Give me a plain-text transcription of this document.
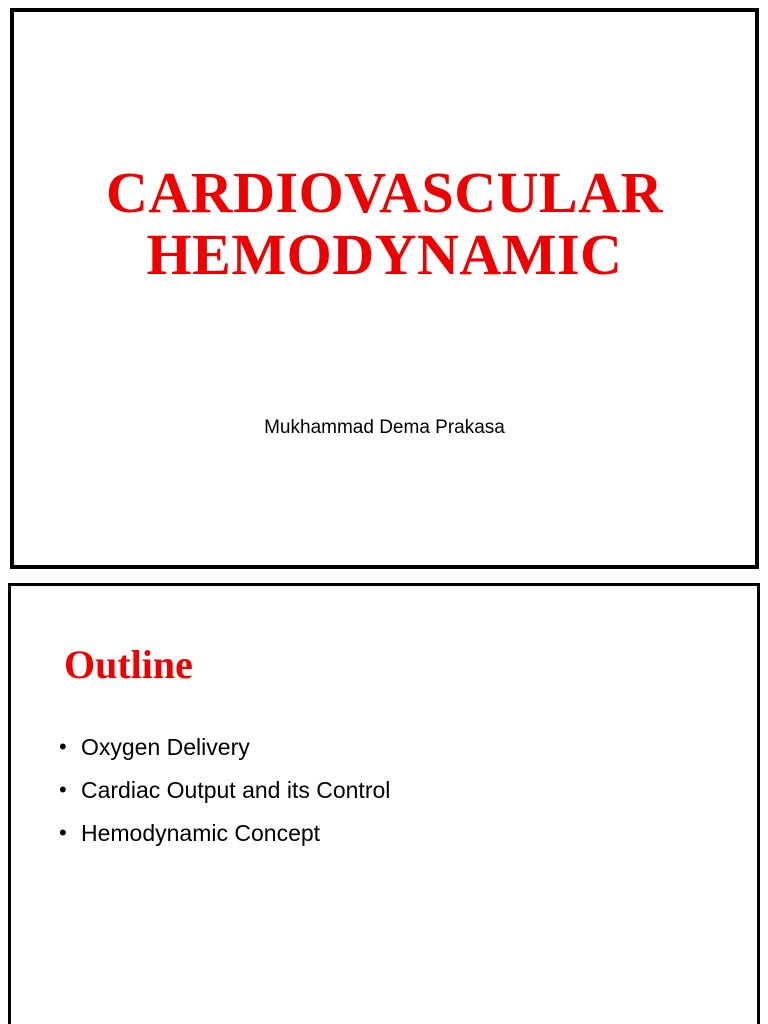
CARDIOVASCULAR
HEMODYNAMIC
Mukhammad Dema Prakasa
Outline
• Oxygen Delivery
• Cardiac Output and its Control
• Hemodynamic Concept
